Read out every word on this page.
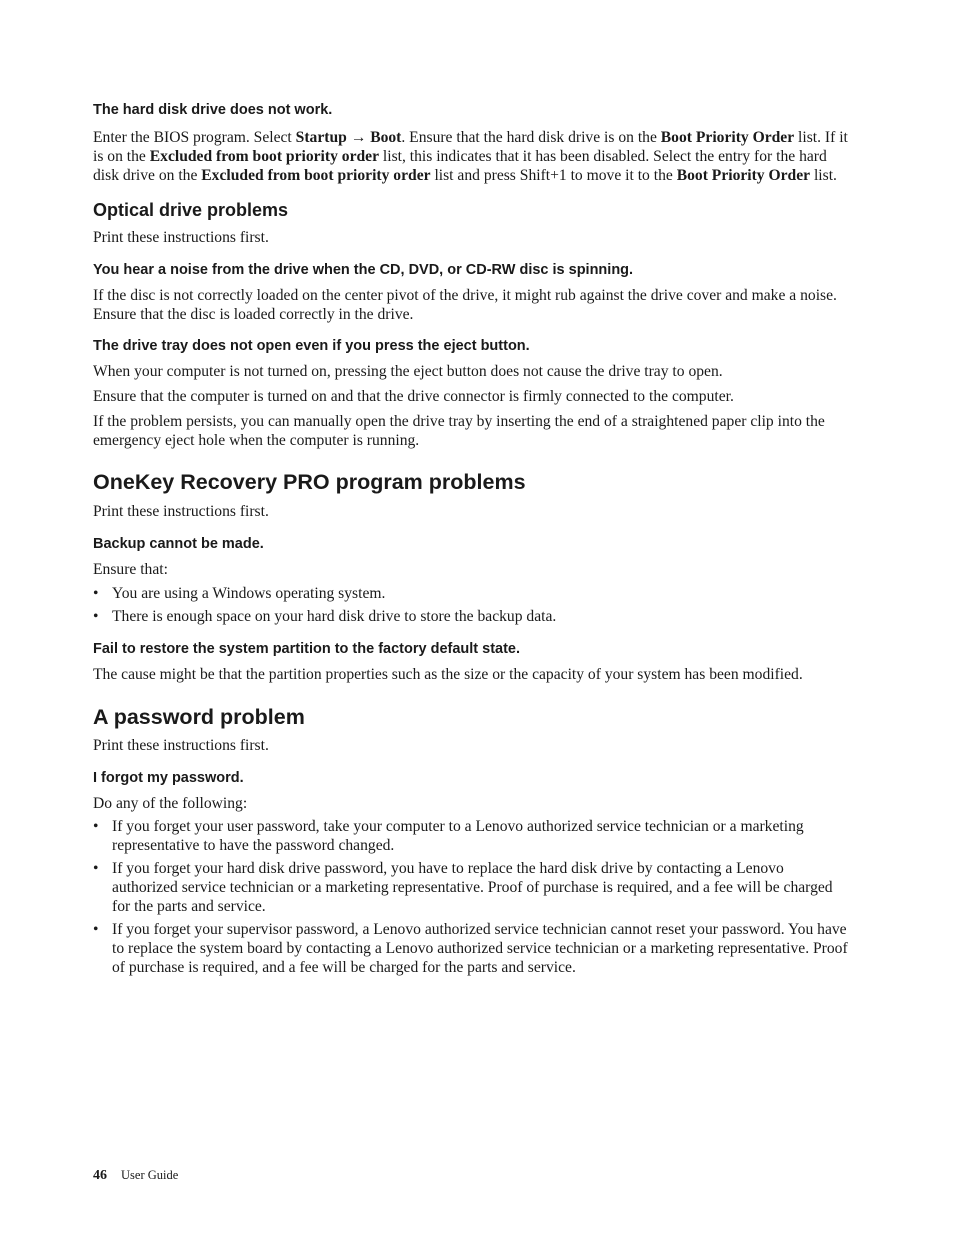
The hard disk drive does not work.

Enter the BIOS program. Select Startup → Boot. Ensure that the hard disk drive is on the Boot Priority Order list. If it is on the Excluded from boot priority order list, this indicates that it has been disabled. Select the entry for the hard disk drive on the Excluded from boot priority order list and press Shift+1 to move it to the Boot Priority Order list.

Optical drive problems

Print these instructions first.

You hear a noise from the drive when the CD, DVD, or CD-RW disc is spinning.

If the disc is not correctly loaded on the center pivot of the drive, it might rub against the drive cover and make a noise. Ensure that the disc is loaded correctly in the drive.

The drive tray does not open even if you press the eject button.

When your computer is not turned on, pressing the eject button does not cause the drive tray to open.

Ensure that the computer is turned on and that the drive connector is firmly connected to the computer.

If the problem persists, you can manually open the drive tray by inserting the end of a straightened paper clip into the emergency eject hole when the computer is running.

OneKey Recovery PRO program problems

Print these instructions first.

Backup cannot be made.

Ensure that:

• You are using a Windows operating system.
• There is enough space on your hard disk drive to store the backup data.

Fail to restore the system partition to the factory default state.

The cause might be that the partition properties such as the size or the capacity of your system has been modified.

A password problem

Print these instructions first.

I forgot my password.

Do any of the following:

• If you forget your user password, take your computer to a Lenovo authorized service technician or a marketing representative to have the password changed.
• If you forget your hard disk drive password, you have to replace the hard disk drive by contacting a Lenovo authorized service technician or a marketing representative. Proof of purchase is required, and a fee will be charged for the parts and service.
• If you forget your supervisor password, a Lenovo authorized service technician cannot reset your password. You have to replace the system board by contacting a Lenovo authorized service technician or a marketing representative. Proof of purchase is required, and a fee will be charged for the parts and service.
46 User Guide
